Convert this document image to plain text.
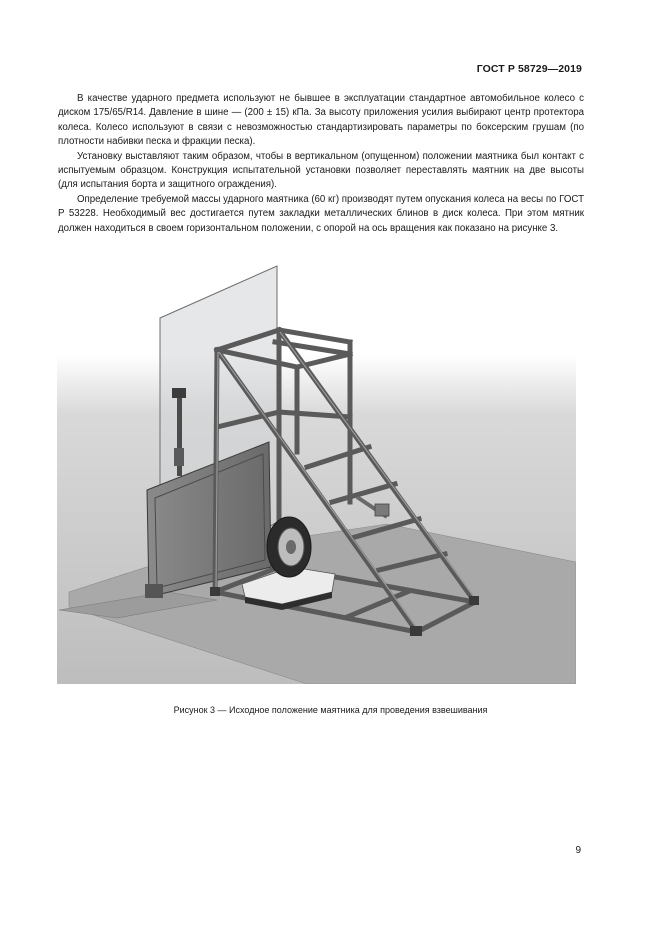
ГОСТ Р 58729—2019

В качестве ударного предмета используют не бывшее в эксплуатации стандартное автомобильное колесо с диском 175/65/R14. Давление в шине — (200 ± 15) кПа. За высоту приложения усилия выбирают центр протектора колеса. Колесо используют в связи с невозможностью стандартизировать параметры по боксерским грушам (по плотности набивки песка и фракции песка).

Установку выставляют таким образом, чтобы в вертикальном (опущенном) положении маятника был контакт с испытуемым образцом. Конструкция испытательной установки позволяет переставлять маятник на две высоты (для испытания борта и защитного ограждения).

Определение требуемой массы ударного маятника (60 кг) производят путем опускания колеса на весы по ГОСТ Р 53228. Необходимый вес достигается путем закладки металлических блинов в диск колеса. При этом мятник должен находиться в своем горизонтальном положении, с опорой на ось вращения как показано на рисунке 3.

Рисунок 3 — Исходное положение маятника для проведения взвешивания
9
